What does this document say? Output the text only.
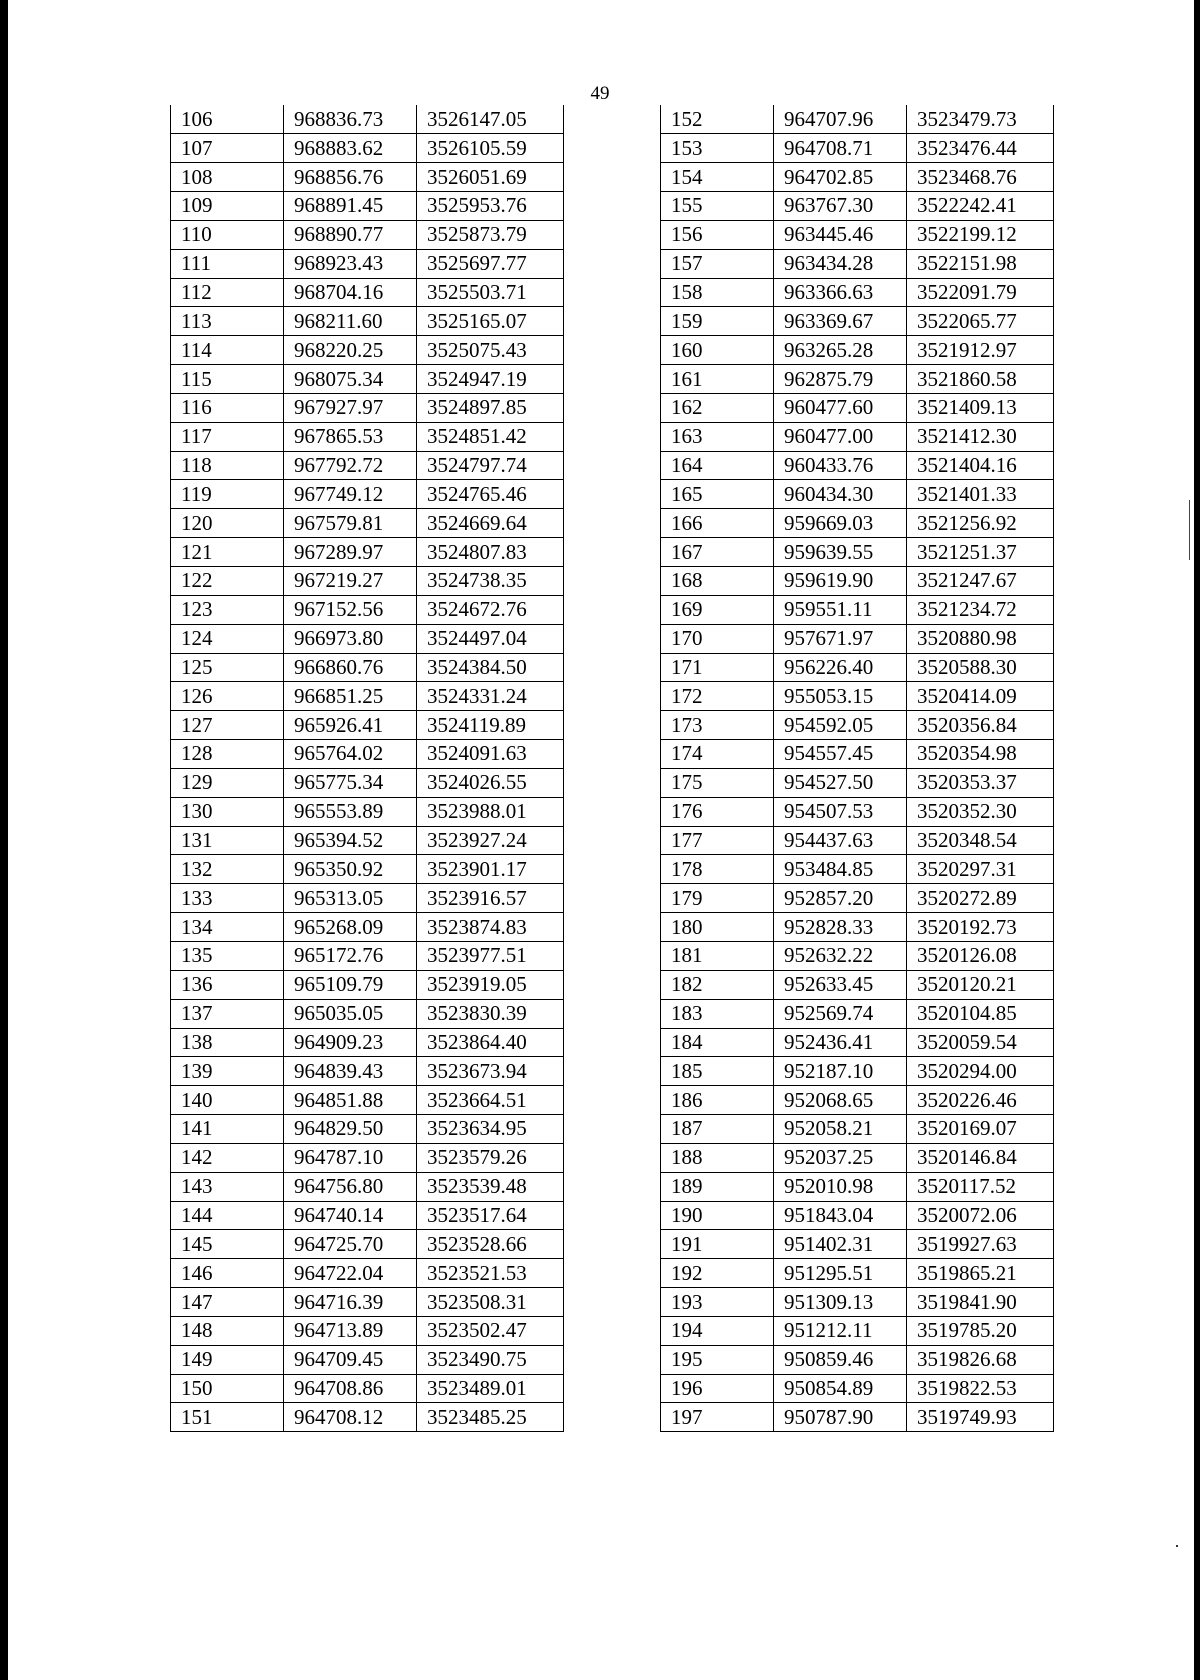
49
106	968836.73	3526147.05
107	968883.62	3526105.59
108	968856.76	3526051.69
109	968891.45	3525953.76
110	968890.77	3525873.79
111	968923.43	3525697.77
112	968704.16	3525503.71
113	968211.60	3525165.07
114	968220.25	3525075.43
115	968075.34	3524947.19
116	967927.97	3524897.85
117	967865.53	3524851.42
118	967792.72	3524797.74
119	967749.12	3524765.46
120	967579.81	3524669.64
121	967289.97	3524807.83
122	967219.27	3524738.35
123	967152.56	3524672.76
124	966973.80	3524497.04
125	966860.76	3524384.50
126	966851.25	3524331.24
127	965926.41	3524119.89
128	965764.02	3524091.63
129	965775.34	3524026.55
130	965553.89	3523988.01
131	965394.52	3523927.24
132	965350.92	3523901.17
133	965313.05	3523916.57
134	965268.09	3523874.83
135	965172.76	3523977.51
136	965109.79	3523919.05
137	965035.05	3523830.39
138	964909.23	3523864.40
139	964839.43	3523673.94
140	964851.88	3523664.51
141	964829.50	3523634.95
142	964787.10	3523579.26
143	964756.80	3523539.48
144	964740.14	3523517.64
145	964725.70	3523528.66
146	964722.04	3523521.53
147	964716.39	3523508.31
148	964713.89	3523502.47
149	964709.45	3523490.75
150	964708.86	3523489.01
151	964708.12	3523485.25
152	964707.96	3523479.73
153	964708.71	3523476.44
154	964702.85	3523468.76
155	963767.30	3522242.41
156	963445.46	3522199.12
157	963434.28	3522151.98
158	963366.63	3522091.79
159	963369.67	3522065.77
160	963265.28	3521912.97
161	962875.79	3521860.58
162	960477.60	3521409.13
163	960477.00	3521412.30
164	960433.76	3521404.16
165	960434.30	3521401.33
166	959669.03	3521256.92
167	959639.55	3521251.37
168	959619.90	3521247.67
169	959551.11	3521234.72
170	957671.97	3520880.98
171	956226.40	3520588.30
172	955053.15	3520414.09
173	954592.05	3520356.84
174	954557.45	3520354.98
175	954527.50	3520353.37
176	954507.53	3520352.30
177	954437.63	3520348.54
178	953484.85	3520297.31
179	952857.20	3520272.89
180	952828.33	3520192.73
181	952632.22	3520126.08
182	952633.45	3520120.21
183	952569.74	3520104.85
184	952436.41	3520059.54
185	952187.10	3520294.00
186	952068.65	3520226.46
187	952058.21	3520169.07
188	952037.25	3520146.84
189	952010.98	3520117.52
190	951843.04	3520072.06
191	951402.31	3519927.63
192	951295.51	3519865.21
193	951309.13	3519841.90
194	951212.11	3519785.20
195	950859.46	3519826.68
196	950854.89	3519822.53
197	950787.90	3519749.93
